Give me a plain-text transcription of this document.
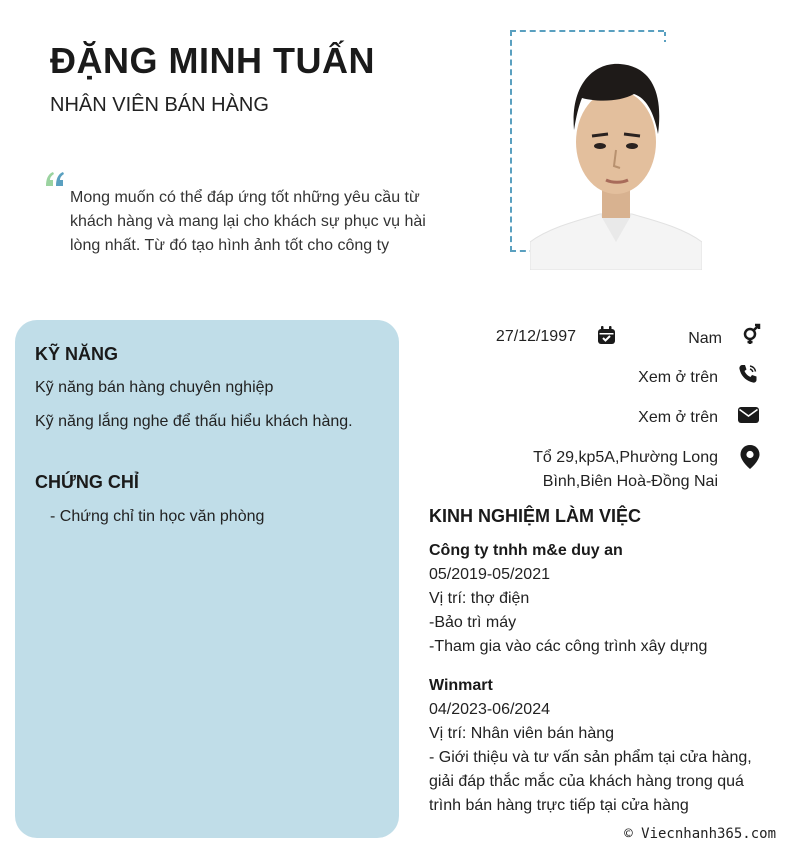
ĐẶNG MINH TUẤN
NHÂN VIÊN BÁN HÀNG
Mong muốn có thể đáp ứng tốt những yêu cầu từ khách hàng và mang lại cho khách sự phục vụ hài lòng nhất. Từ đó tạo hình ảnh tốt cho công ty
KỸ NĂNG
Kỹ năng bán hàng chuyên nghiệp
Kỹ năng lắng nghe để thấu hiểu khách hàng.
CHỨNG CHỈ
- Chứng chỉ tin học văn phòng
27/12/1997	Nam
Xem ở trên
Xem ở trên
Tổ 29,kp5A,Phường Long
Bình,Biên Hoà-Đồng Nai
KINH NGHIỆM LÀM VIỆC
Công ty tnhh m&e duy an
05/2019-05/2021
Vị trí: thợ điện
-Bảo trì máy
-Tham gia vào các công trình xây dựng
Winmart
04/2023-06/2024
Vị trí: Nhân viên bán hàng
- Giới thiệu và tư vấn sản phẩm tại cửa hàng, giải đáp thắc mắc của khách hàng trong quá trình bán hàng trực tiếp tại cửa hàng
© Viecnhanh365.com
